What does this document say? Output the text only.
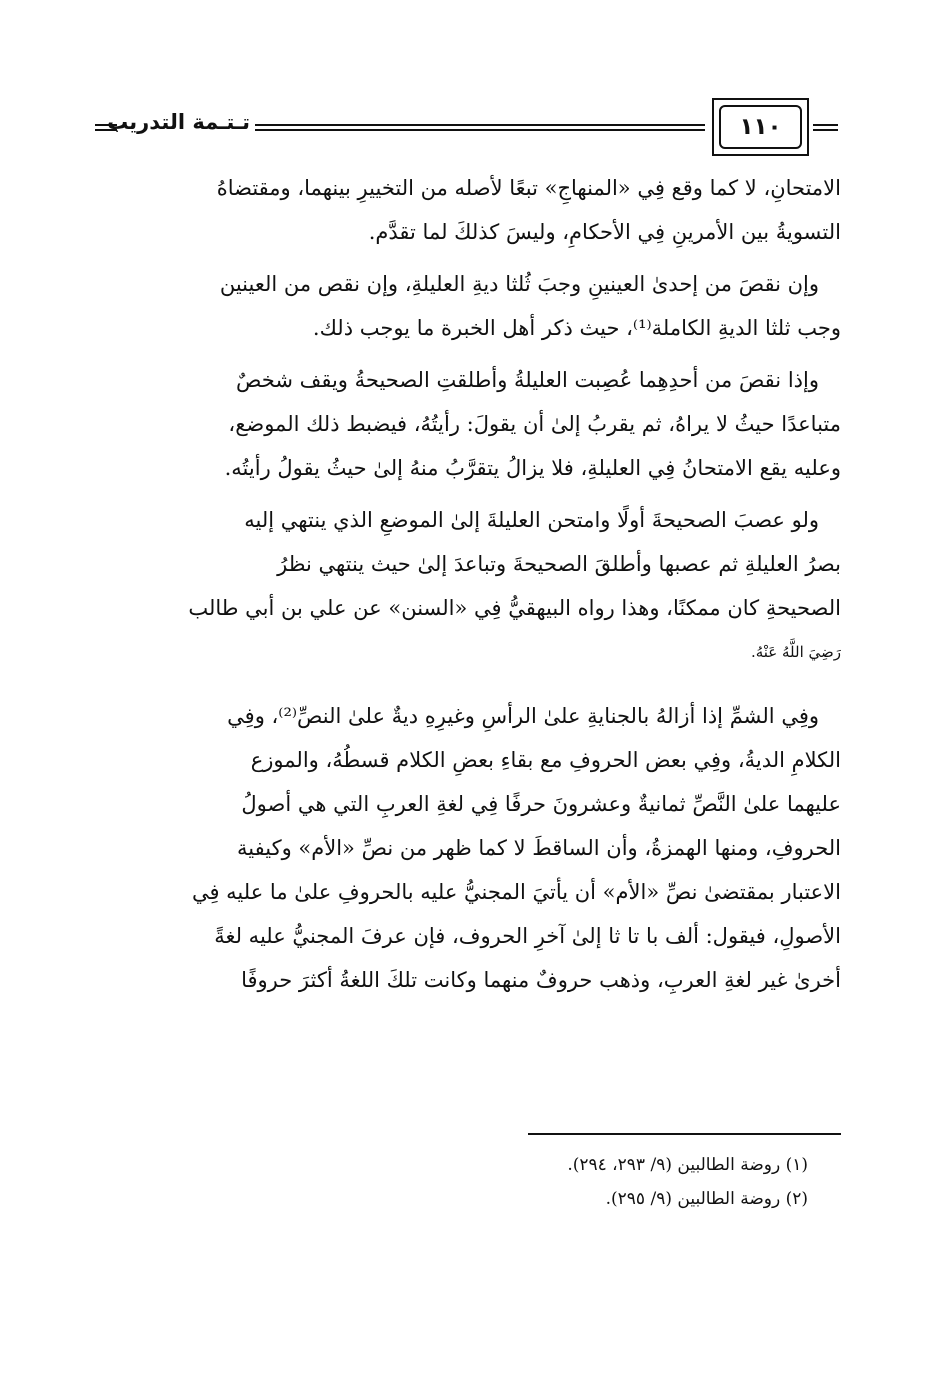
تـتـمة التدريب	١١٠
الامتحانِ، لا كما وقع فِي «المنهاجِ» تبعًا لأصله من التخييرِ بينهما، ومقتضاهُ
التسويةُ بين الأمرينِ فِي الأحكامِ، وليسَ كذلكَ لما تقدَّم.
وإن نقصَ من إحدىٰ العينينِ وجبَ ثُلثا ديةِ العليلةِ، وإن نقص من العينين
وجب ثلثا الديةِ الكاملة⁽¹⁾، حيث ذكر أهل الخبرة ما يوجب ذلك.
وإذا نقصَ من أحدِهِما عُصِبت العليلةُ وأطلقتِ الصحيحةُ ويقف شخصٌ
متباعدًا حيثُ لا يراهُ، ثم يقربُ إلىٰ أن يقولَ: رأيتُهُ، فيضبط ذلك الموضع،
وعليه يقع الامتحانُ فِي العليلةِ، فلا يزالُ يتقرَّبُ منهُ إلىٰ حيثُ يقولُ رأيتُه.
ولو عصبَ الصحيحةَ أولًا وامتحن العليلةَ إلىٰ الموضعِ الذي ينتهي إليه
بصرُ العليلةِ ثم عصبها وأطلقَ الصحيحةَ وتباعدَ إلىٰ حيث ينتهي نظرُ
الصحيحةِ كان ممكنًا، وهذا رواه البيهقيُّ فِي «السنن» عن علي بن أبي طالب
رَضِيَ اللَّهُ عَنْهُ.
وفِي الشمِّ إذا أزالهُ بالجنايةِ علىٰ الرأسِ وغيرِهِ ديةٌ علىٰ النصِّ⁽²⁾، وفِي
الكلامِ الديةُ، وفِي بعض الحروفِ مع بقاءِ بعضِ الكلام قسطُهُ، والموزع
عليهما علىٰ النَّصِّ ثمانيةٌ وعشرونَ حرفًا فِي لغةِ العربِ التي هي أصولُ
الحروفِ، ومنها الهمزةُ، وأن الساقطَ لا كما ظهر من نصِّ «الأم» وكيفية
الاعتبار بمقتضىٰ نصِّ «الأم» أن يأتيَ المجنيُّ عليه بالحروفِ علىٰ ما عليه فِي
الأصولِ، فيقول: ألف با تا ثا إلىٰ آخرِ الحروف، فإن عرفَ المجنيُّ عليه لغةً
أخرىٰ غير لغةِ العربِ، وذهب حروفٌ منهما وكانت تلكَ اللغةُ أكثرَ حروفًا
(١) روضة الطالبين (٩/ ٢٩٣، ٢٩٤).
(٢) روضة الطالبين (٩/ ٢٩٥).
